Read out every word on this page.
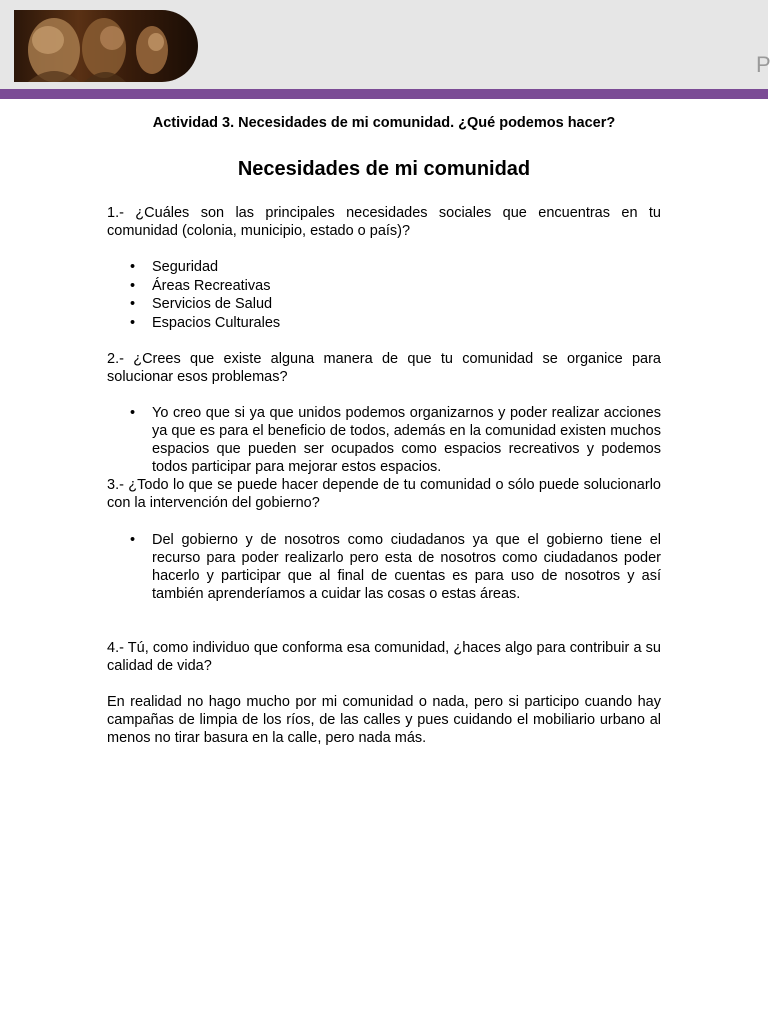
P

Actividad 3. Necesidades de mi comunidad. ¿Qué podemos hacer?

Necesidades de mi comunidad

1.- ¿Cuáles son las principales necesidades sociales que encuentras en tu comunidad (colonia, municipio, estado o país)?

• Seguridad
• Áreas Recreativas
• Servicios de Salud
• Espacios Culturales

2.- ¿Crees que existe alguna manera de que tu comunidad se organice para solucionar esos problemas?

• Yo creo que si ya que unidos podemos organizarnos y poder realizar acciones ya que es para el beneficio de todos, además en la comunidad existen muchos espacios que pueden ser ocupados como espacios recreativos y podemos todos participar para mejorar estos espacios.

3.- ¿Todo lo que se puede hacer depende de tu comunidad o sólo puede solucionarlo con la intervención del gobierno?

• Del gobierno y de nosotros como ciudadanos ya que el gobierno tiene el recurso para poder realizarlo pero esta de nosotros como ciudadanos poder hacerlo y participar que al final de cuentas es para uso de nosotros y así también aprenderíamos a cuidar las cosas o estas áreas.

4.- Tú, como individuo que conforma esa comunidad, ¿haces algo para contribuir a su calidad de vida?

En realidad no hago mucho por mi comunidad o nada, pero si participo cuando hay campañas de limpia de los ríos, de las calles y pues cuidando el mobiliario urbano al menos no tirar basura en la calle, pero nada más.
